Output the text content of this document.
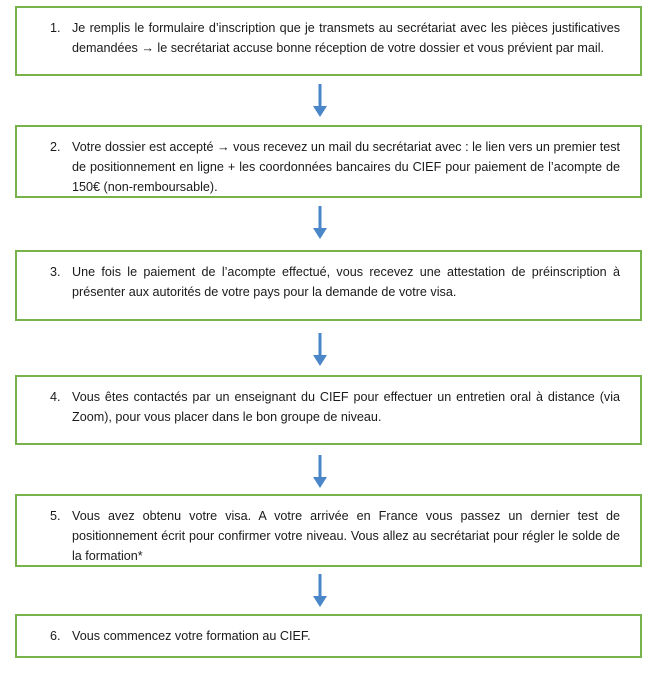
1. Je remplis le formulaire d’inscription que je transmets au secrétariat avec les pièces justificatives demandées → le secrétariat accuse bonne réception de votre dossier et vous prévient par mail.
2. Votre dossier est accepté → vous recevez un mail du secrétariat avec : le lien vers un premier test de positionnement en ligne + les coordonnées bancaires du CIEF pour paiement de l’acompte de 150€ (non-remboursable).
3. Une fois le paiement de l’acompte effectué, vous recevez une attestation de préinscription à présenter aux autorités de votre pays pour la demande de votre visa.
4. Vous êtes contactés par un enseignant du CIEF pour effectuer un entretien oral à distance (via Zoom), pour vous placer dans le bon groupe de niveau.
5. Vous avez obtenu votre visa. A votre arrivée en France vous passez un dernier test de positionnement écrit pour confirmer votre niveau. Vous allez au secrétariat pour régler le solde de la formation*
6. Vous commencez votre formation au CIEF.
